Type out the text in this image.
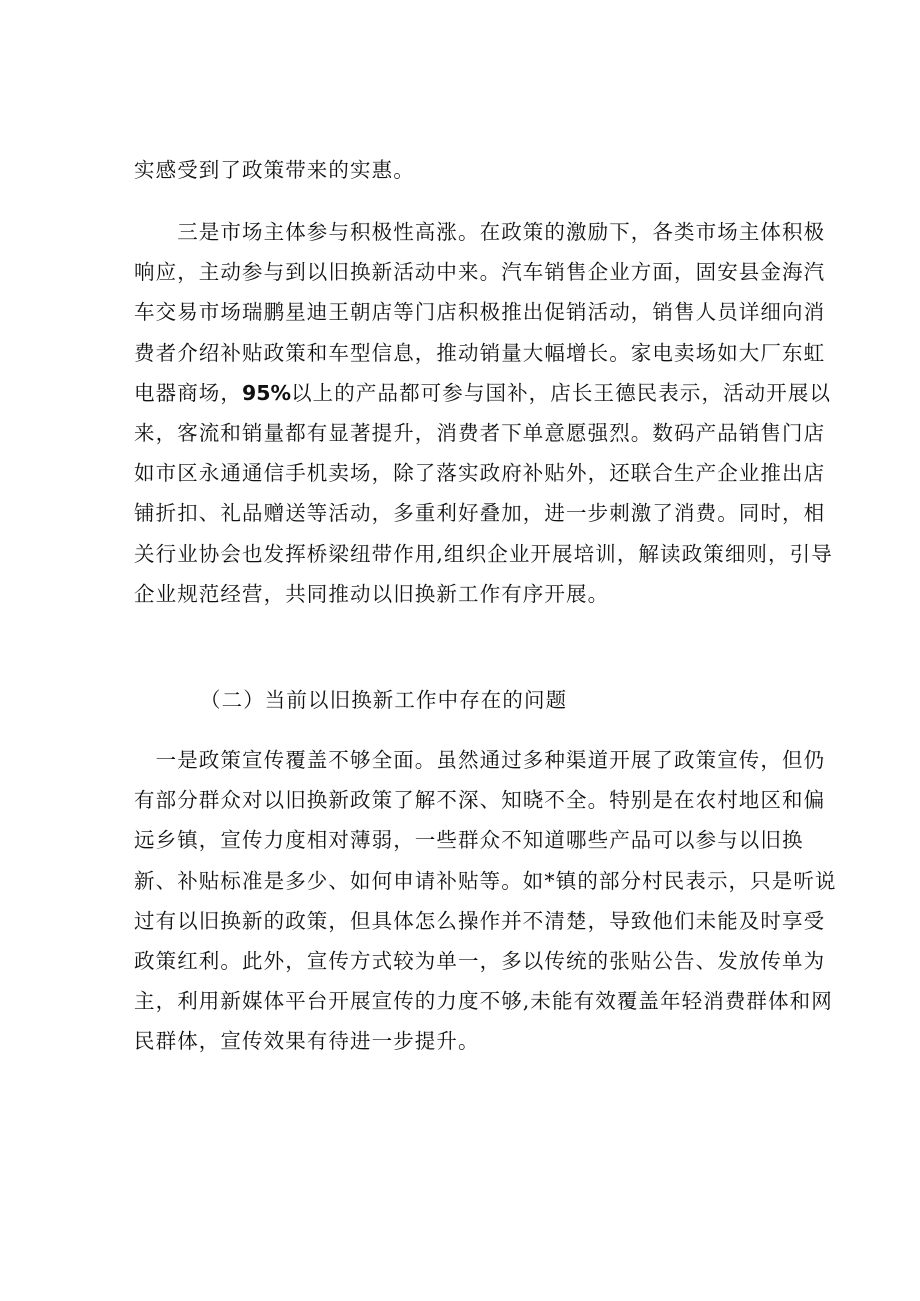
实感受到了政策带来的实惠。

　　三是市场主体参与积极性高涨。在政策的激励下，各类市场主体积极
响应，主动参与到以旧换新活动中来。汽车销售企业方面，固安县金海汽
车交易市场瑞鹏星迪王朝店等门店积极推出促销活动，销售人员详细向消
费者介绍补贴政策和车型信息，推动销量大幅增长。家电卖场如大厂东虹
电器商场，95%以上的产品都可参与国补，店长王德民表示，活动开展以
来，客流和销量都有显著提升，消费者下单意愿强烈。数码产品销售门店
如市区永通通信手机卖场，除了落实政府补贴外，还联合生产企业推出店
铺折扣、礼品赠送等活动，多重利好叠加，进一步刺激了消费。同时，相
关行业协会也发挥桥梁纽带作用,组织企业开展培训，解读政策细则，引导
企业规范经营，共同推动以旧换新工作有序开展。

（二）当前以旧换新工作中存在的问题

　一是政策宣传覆盖不够全面。虽然通过多种渠道开展了政策宣传，但仍
有部分群众对以旧换新政策了解不深、知晓不全。特别是在农村地区和偏
远乡镇，宣传力度相对薄弱，一些群众不知道哪些产品可以参与以旧换
新、补贴标准是多少、如何申请补贴等。如*镇的部分村民表示，只是听说
过有以旧换新的政策，但具体怎么操作并不清楚，导致他们未能及时享受
政策红利。此外，宣传方式较为单一，多以传统的张贴公告、发放传单为
主，利用新媒体平台开展宣传的力度不够,未能有效覆盖年轻消费群体和网
民群体，宣传效果有待进一步提升。
